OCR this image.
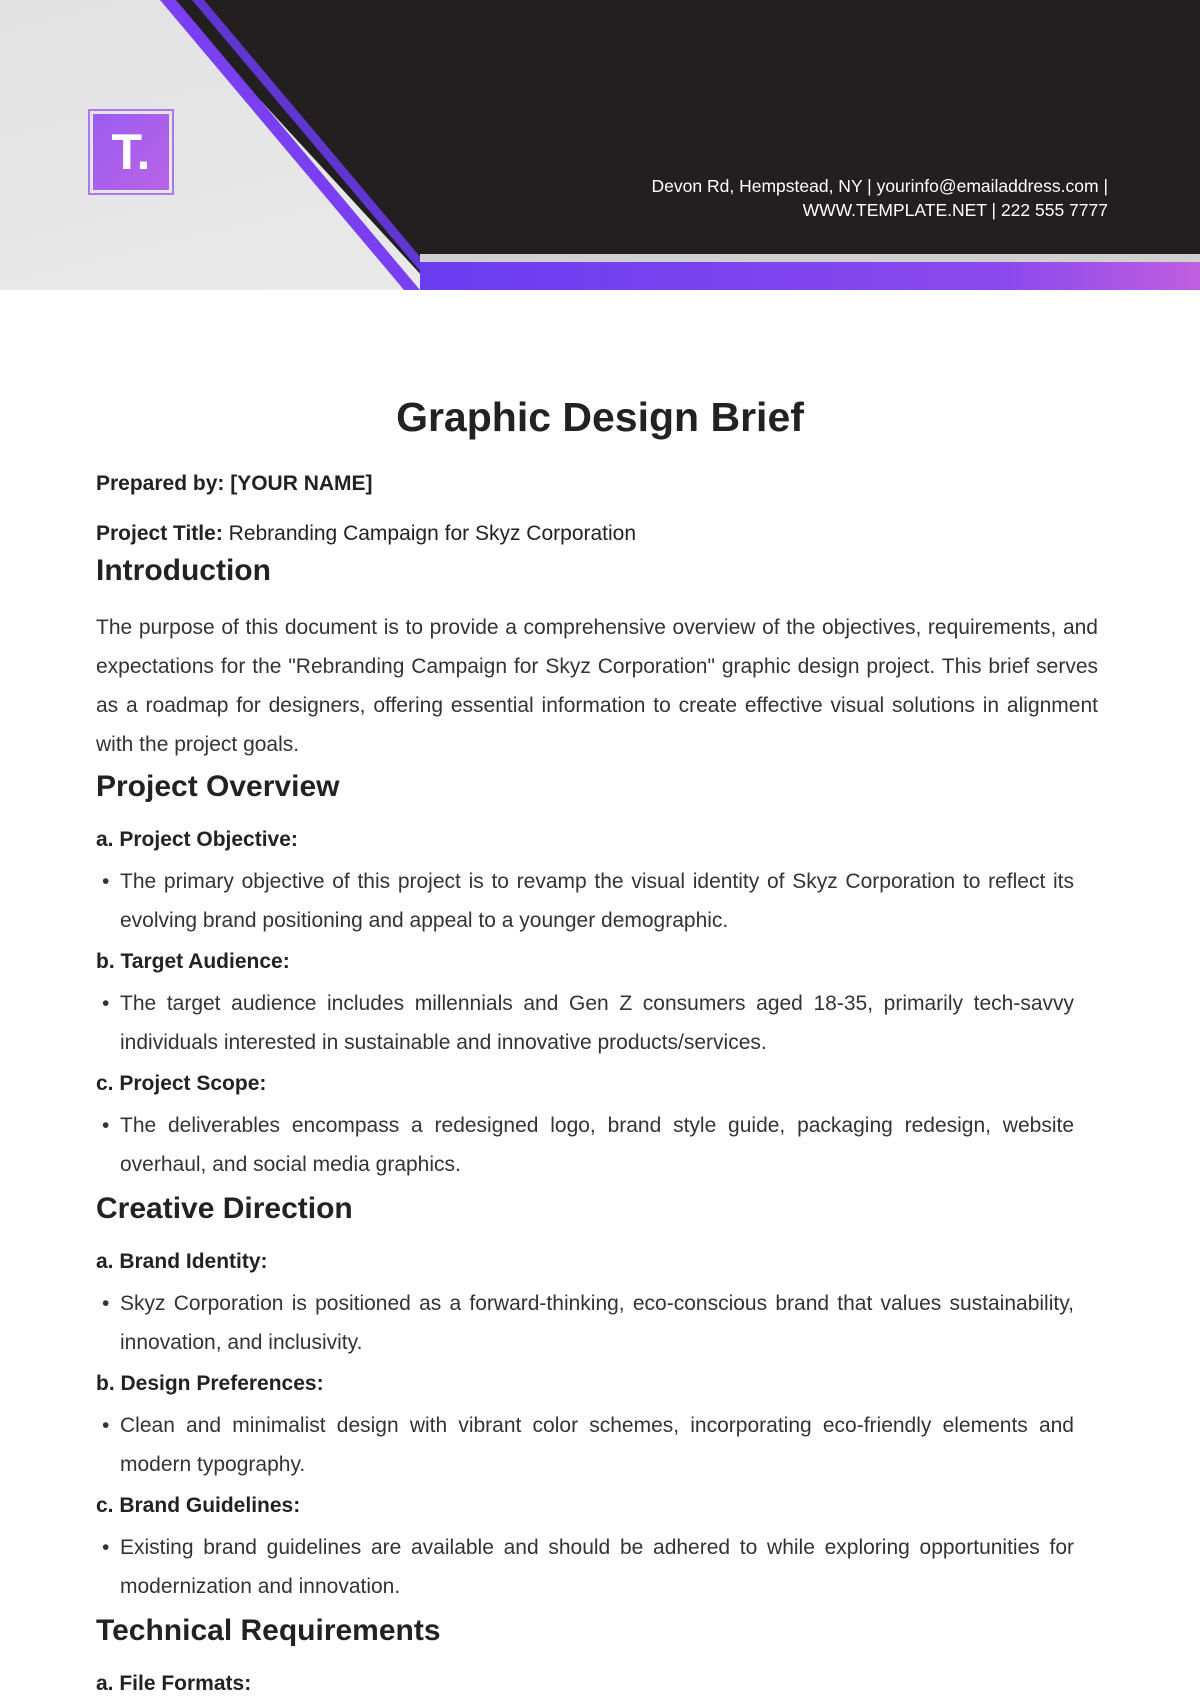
T.
Devon Rd, Hempstead, NY | yourinfo@emailaddress.com |
WWW.TEMPLATE.NET | 222 555 7777
Graphic Design Brief

Prepared by: [YOUR NAME]

Project Title: Rebranding Campaign for Skyz Corporation

Introduction

The purpose of this document is to provide a comprehensive overview of the objectives, requirements, and expectations for the "Rebranding Campaign for Skyz Corporation" graphic design project. This brief serves as a roadmap for designers, offering essential information to create effective visual solutions in alignment with the project goals.

Project Overview

a. Project Objective:

• The primary objective of this project is to revamp the visual identity of Skyz Corporation to reflect its evolving brand positioning and appeal to a younger demographic.

b. Target Audience:

• The target audience includes millennials and Gen Z consumers aged 18-35, primarily tech-savvy individuals interested in sustainable and innovative products/services.

c. Project Scope:

• The deliverables encompass a redesigned logo, brand style guide, packaging redesign, website overhaul, and social media graphics.

Creative Direction

a. Brand Identity:

• Skyz Corporation is positioned as a forward-thinking, eco-conscious brand that values sustainability, innovation, and inclusivity.

b. Design Preferences:

• Clean and minimalist design with vibrant color schemes, incorporating eco-friendly elements and modern typography.

c. Brand Guidelines:

• Existing brand guidelines are available and should be adhered to while exploring opportunities for modernization and innovation.

Technical Requirements

a. File Formats:
